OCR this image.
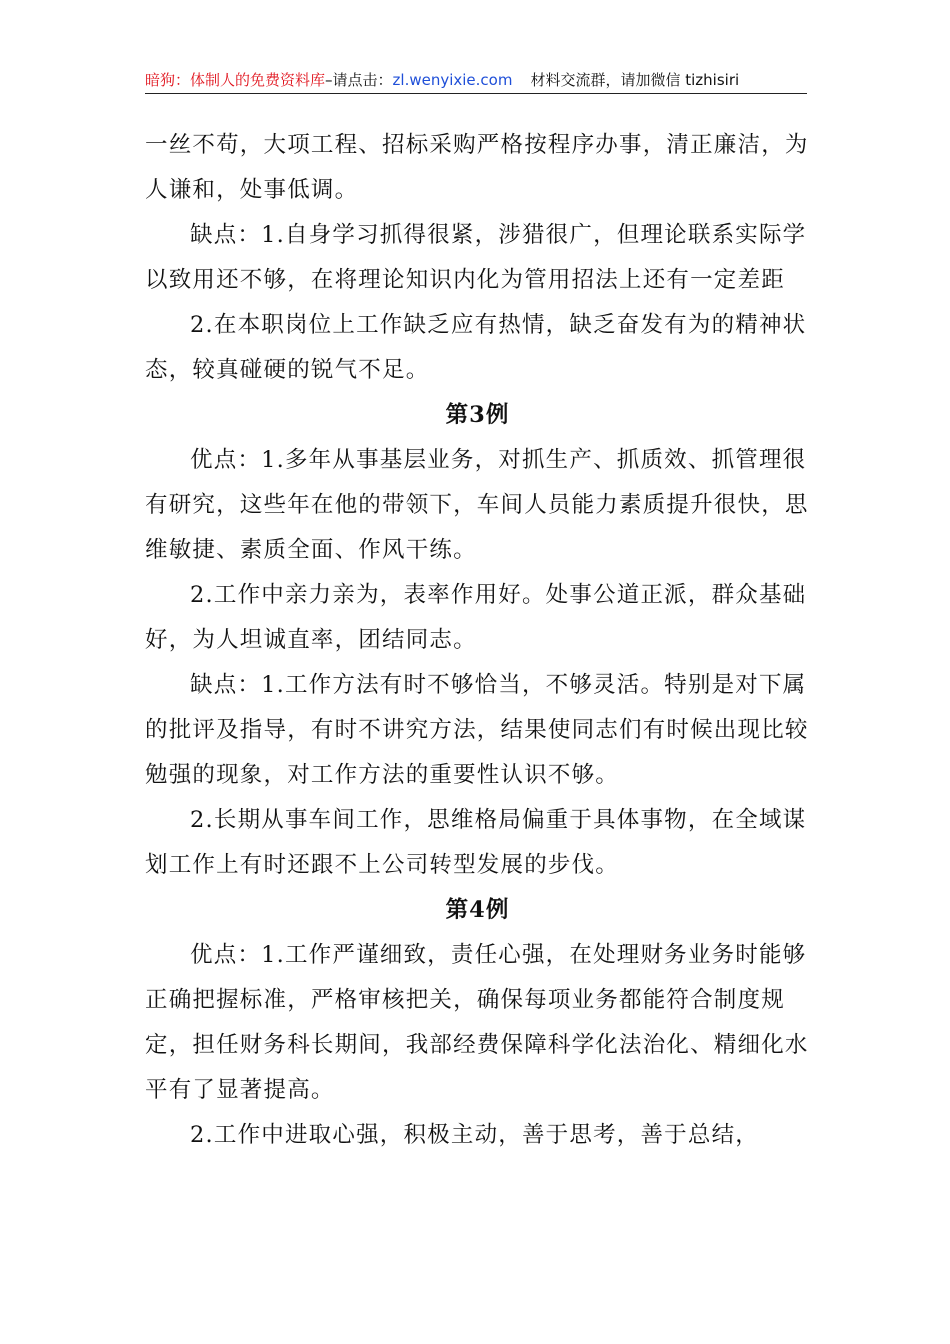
暗狗：体制人的免费资料库–请点击：zl.wenyixie.com 材料交流群，请加微信 tizhisiri

一丝不苟，大项工程、招标采购严格按程序办事，清正廉洁，为人谦和，处事低调。

缺点：1.自身学习抓得很紧，涉猎很广，但理论联系实际学以致用还不够，在将理论知识内化为管用招法上还有一定差距

2.在本职岗位上工作缺乏应有热情，缺乏奋发有为的精神状态，较真碰硬的锐气不足。

第3例

优点：1.多年从事基层业务，对抓生产、抓质效、抓管理很有研究，这些年在他的带领下，车间人员能力素质提升很快，思维敏捷、素质全面、作风干练。

2.工作中亲力亲为，表率作用好。处事公道正派，群众基础好，为人坦诚直率，团结同志。

缺点：1.工作方法有时不够恰当，不够灵活。特别是对下属的批评及指导，有时不讲究方法，结果使同志们有时候出现比较勉强的现象，对工作方法的重要性认识不够。

2.长期从事车间工作，思维格局偏重于具体事物，在全域谋划工作上有时还跟不上公司转型发展的步伐。

第4例

优点：1.工作严谨细致，责任心强，在处理财务业务时能够正确把握标准，严格审核把关，确保每项业务都能符合制度规定，担任财务科长期间，我部经费保障科学化法治化、精细化水平有了显著提高。

2.工作中进取心强，积极主动，善于思考，善于总结，
